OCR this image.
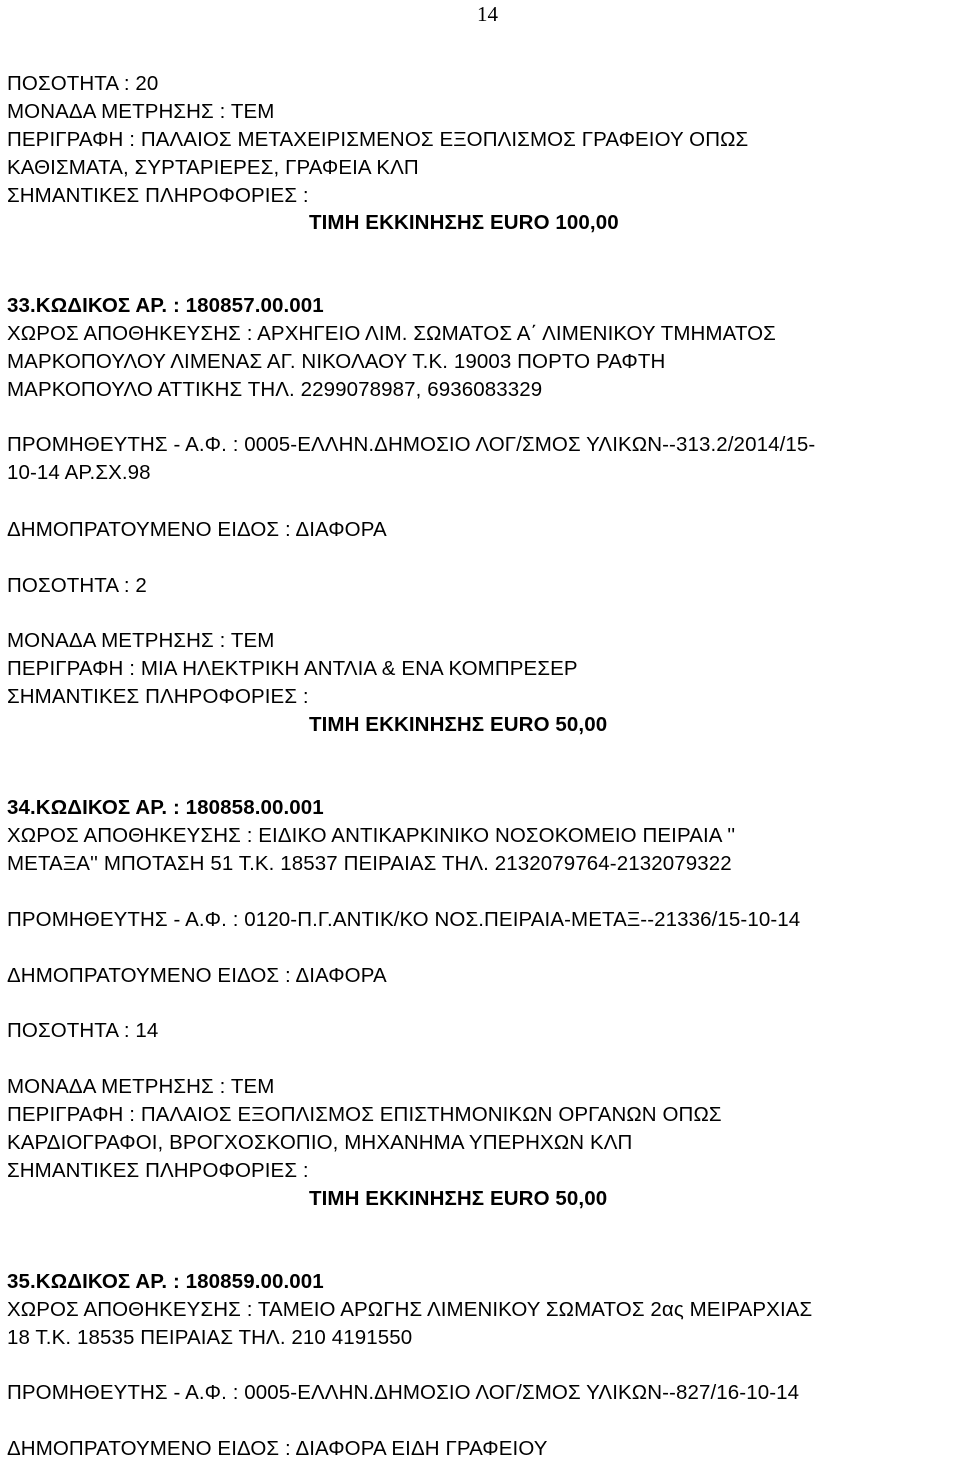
14
ΠΟΣΟΤΗΤΑ : 20
ΜΟΝΑΔΑ ΜΕΤΡΗΣΗΣ : ΤΕΜ
ΠΕΡΙΓΡΑΦΗ : ΠΑΛΑΙΟΣ ΜΕΤΑΧΕΙΡΙΣΜΕΝΟΣ ΕΞΟΠΛΙΣΜΟΣ ΓΡΑΦΕΙΟΥ ΟΠΩΣ
ΚΑΘΙΣΜΑΤΑ, ΣΥΡΤΑΡΙΕΡΕΣ, ΓΡΑΦΕΙΑ ΚΛΠ
ΣΗΜΑΝΤΙΚΕΣ ΠΛΗΡΟΦΟΡΙΕΣ :
ΤΙΜΗ ΕΚΚΙΝΗΣΗΣ EURO 100,00
33.ΚΩΔΙΚΟΣ ΑΡ. : 180857.00.001
ΧΩΡΟΣ ΑΠΟΘΗΚΕΥΣΗΣ : ΑΡΧΗΓΕΙΟ ΛΙΜ. ΣΩΜΑΤΟΣ Α΄ ΛΙΜΕΝΙΚΟΥ ΤΜΗΜΑΤΟΣ
ΜΑΡΚΟΠΟΥΛΟΥ ΛΙΜΕΝΑΣ ΑΓ. ΝΙΚΟΛΑΟΥ Τ.Κ. 19003 ΠΟΡΤΟ ΡΑΦΤΗ
ΜΑΡΚΟΠΟΥΛΟ ΑΤΤΙΚΗΣ ΤΗΛ. 2299078987, 6936083329
ΠΡΟΜΗΘΕΥΤΗΣ - Α.Φ. : 0005-ΕΛΛΗΝ.ΔΗΜΟΣΙΟ ΛΟΓ/ΣΜΟΣ ΥΛΙΚΩΝ--313.2/2014/15-
10-14 ΑΡ.ΣΧ.98
ΔΗΜΟΠΡΑΤΟΥΜΕΝΟ ΕΙΔΟΣ : ΔΙΑΦΟΡΑ
ΠΟΣΟΤΗΤΑ : 2
ΜΟΝΑΔΑ ΜΕΤΡΗΣΗΣ : ΤΕΜ
ΠΕΡΙΓΡΑΦΗ : ΜΙΑ ΗΛΕΚΤΡΙΚΗ ΑΝΤΛΙΑ & ΕΝΑ ΚΟΜΠΡΕΣΕΡ
ΣΗΜΑΝΤΙΚΕΣ ΠΛΗΡΟΦΟΡΙΕΣ :
ΤΙΜΗ ΕΚΚΙΝΗΣΗΣ EURO 50,00
34.ΚΩΔΙΚΟΣ ΑΡ. : 180858.00.001
ΧΩΡΟΣ ΑΠΟΘΗΚΕΥΣΗΣ : ΕΙΔΙΚΟ ΑΝΤΙΚΑΡΚΙΝΙΚΟ ΝΟΣΟΚΟΜΕΙΟ ΠΕΙΡΑΙΑ ''
ΜΕΤΑΞΑ'' ΜΠΟΤΑΣΗ 51 Τ.Κ. 18537 ΠΕΙΡΑΙΑΣ ΤΗΛ. 2132079764-2132079322
ΠΡΟΜΗΘΕΥΤΗΣ - Α.Φ. : 0120-Π.Γ.ΑΝΤΙΚ/ΚΟ ΝΟΣ.ΠΕΙΡΑΙΑ-ΜΕΤΑΞ--21336/15-10-14
ΔΗΜΟΠΡΑΤΟΥΜΕΝΟ ΕΙΔΟΣ : ΔΙΑΦΟΡΑ
ΠΟΣΟΤΗΤΑ : 14
ΜΟΝΑΔΑ ΜΕΤΡΗΣΗΣ : ΤΕΜ
ΠΕΡΙΓΡΑΦΗ : ΠΑΛΑΙΟΣ ΕΞΟΠΛΙΣΜΟΣ ΕΠΙΣΤΗΜΟΝΙΚΩΝ ΟΡΓΑΝΩΝ ΟΠΩΣ
ΚΑΡΔΙΟΓΡΑΦΟΙ, ΒΡΟΓΧΟΣΚΟΠΙΟ, ΜΗΧΑΝΗΜΑ ΥΠΕΡΗΧΩΝ ΚΛΠ
ΣΗΜΑΝΤΙΚΕΣ ΠΛΗΡΟΦΟΡΙΕΣ :
ΤΙΜΗ ΕΚΚΙΝΗΣΗΣ EURO 50,00
35.ΚΩΔΙΚΟΣ ΑΡ. : 180859.00.001
ΧΩΡΟΣ ΑΠΟΘΗΚΕΥΣΗΣ : ΤΑΜΕΙΟ ΑΡΩΓΗΣ ΛΙΜΕΝΙΚΟΥ ΣΩΜΑΤΟΣ 2ας ΜΕΙΡΑΡΧΙΑΣ
18 Τ.Κ. 18535 ΠΕΙΡΑΙΑΣ ΤΗΛ. 210 4191550
ΠΡΟΜΗΘΕΥΤΗΣ - Α.Φ. : 0005-ΕΛΛΗΝ.ΔΗΜΟΣΙΟ ΛΟΓ/ΣΜΟΣ ΥΛΙΚΩΝ--827/16-10-14
ΔΗΜΟΠΡΑΤΟΥΜΕΝΟ ΕΙΔΟΣ : ΔΙΑΦΟΡΑ ΕΙΔΗ ΓΡΑΦΕΙΟΥ
